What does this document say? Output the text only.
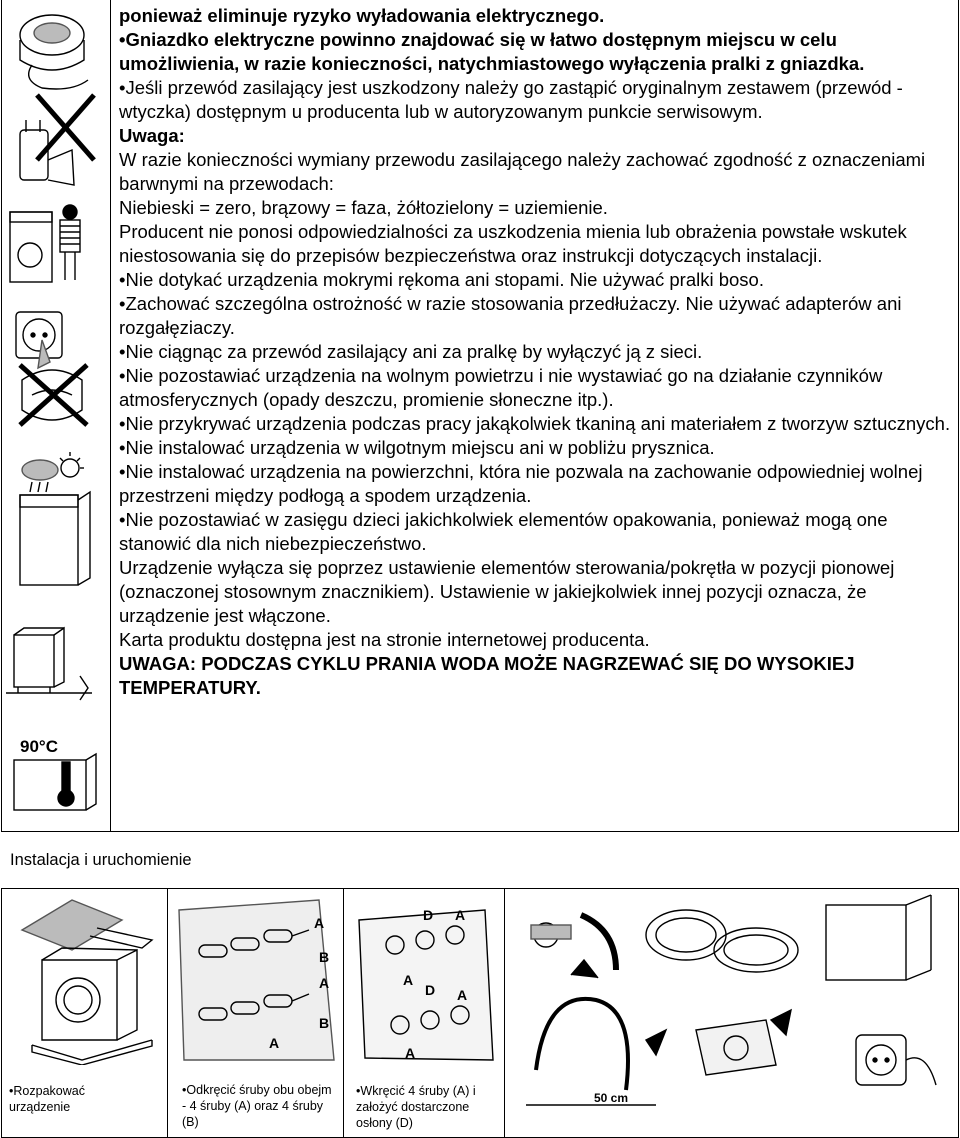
90°C

ponieważ eliminuje ryzyko wyładowania elektrycznego.

• Gniazdko elektryczne powinno znajdować się w łatwo dostępnym miejscu w celu umożliwienia, w razie konieczności, natychmiastowego wyłączenia pralki z gniazdka.

• Jeśli przewód zasilający jest uszkodzony należy go zastąpić oryginalnym zestawem (przewód - wtyczka) dostępnym u producenta lub w autoryzowanym punkcie serwisowym.

Uwaga:

W razie konieczności wymiany przewodu zasilającego należy zachować zgodność z oznaczeniami barwnymi na przewodach:

Niebieski = zero, brązowy = faza, żółtozielony = uziemienie.

Producent nie ponosi odpowiedzialności za uszkodzenia mienia lub obrażenia powstałe wskutek niestosowania się do przepisów bezpieczeństwa oraz instrukcji dotyczących instalacji.

• Nie dotykać urządzenia mokrymi rękoma ani stopami. Nie używać pralki boso.

• Zachować szczególna ostrożność w razie stosowania przedłużaczy. Nie używać adapterów ani rozgałęziaczy.

• Nie ciągnąc za przewód zasilający ani za pralkę by wyłączyć ją z sieci.

• Nie pozostawiać urządzenia na wolnym powietrzu i nie wystawiać go na działanie czynników atmosferycznych (opady deszczu, promienie słoneczne itp.).

• Nie przykrywać urządzenia podczas pracy jakąkolwiek tkaniną ani materiałem z tworzyw sztucznych.

• Nie instalować urządzenia w wilgotnym miejscu ani w pobliżu prysznica.

• Nie instalować urządzenia na powierzchni, która nie pozwala na zachowanie odpowiedniej wolnej przestrzeni między podłogą a spodem urządzenia.

• Nie pozostawiać w zasięgu dzieci jakichkolwiek elementów opakowania, ponieważ mogą one stanowić dla nich niebezpieczeństwo.

Urządzenie wyłącza się poprzez ustawienie elementów sterowania/pokrętła w pozycji pionowej (oznaczonej stosownym znacznikiem). Ustawienie w jakiejkolwiek innej pozycji oznacza, że urządzenie jest włączone.

Karta produktu dostępna jest na stronie internetowej producenta.

UWAGA: PODCZAS CYKLU PRANIA WODA MOŻE NAGRZEWAĆ SIĘ DO WYSOKIEJ TEMPERATURY.

Instalacja i uruchomienie
A
B
A
B
A
D A
A
D A
A
50 cm
• Rozpakować urządzenie
• Odkręcić śruby obu obejm - 4 śruby (A) oraz 4 śruby (B)
• Wkręcić 4 śruby (A) i założyć dostarczone osłony (D)
